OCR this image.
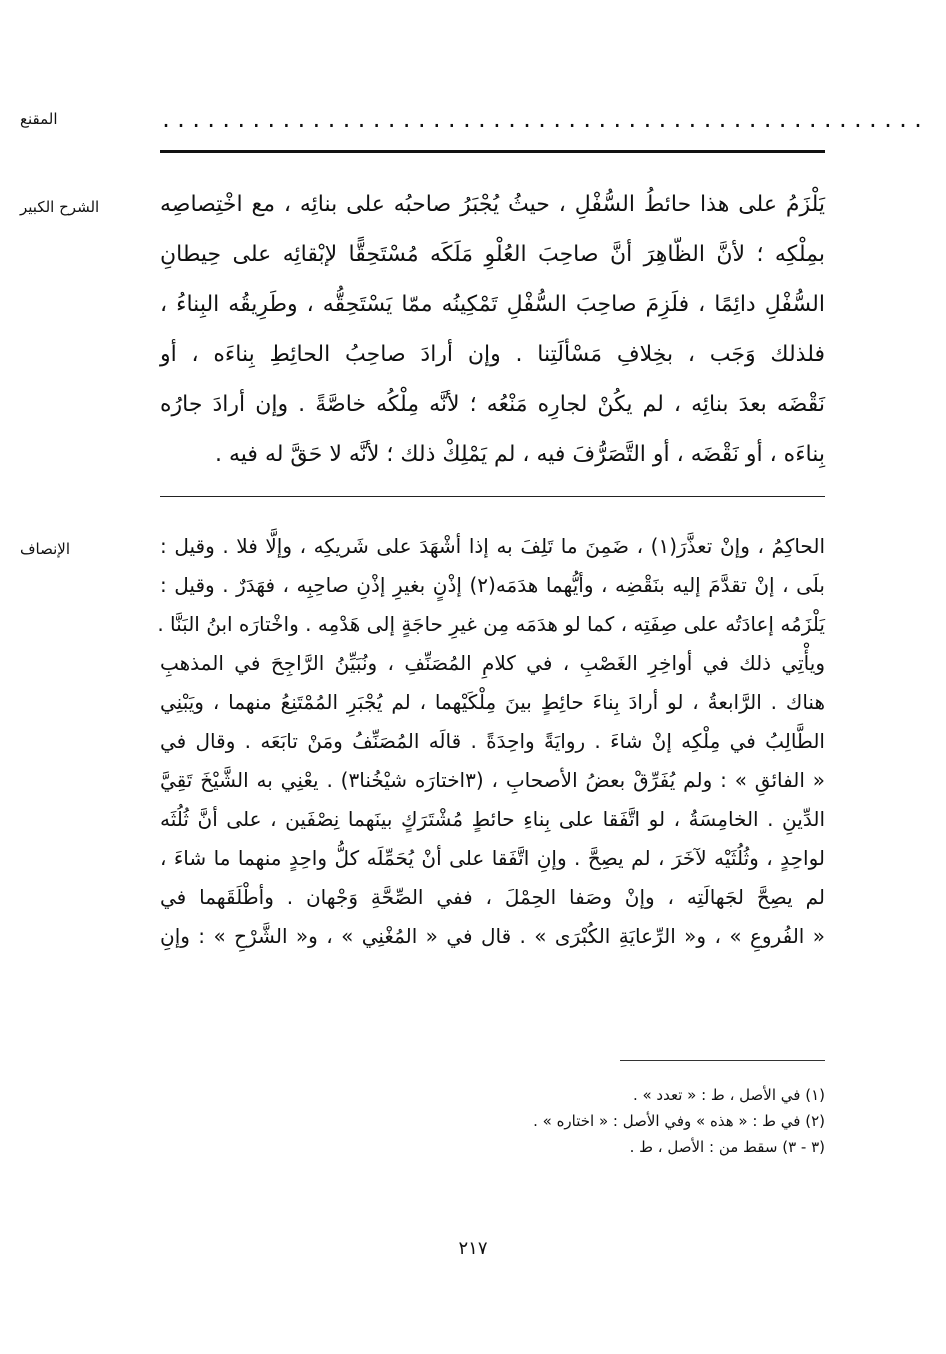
المقنع	...................................................
الشرح الكبير	يَلْزَمُ على هذا حائطُ السُّفْلِ ، حيثُ يُجْبَرُ صاحبُه على بنائِه ، مع اخْتِصاصِه
بمِلْكِه ؛ لأنَّ الظّاهِرَ أنَّ صاحِبَ العُلْوِ مَلَكَه مُسْتَحِقًّا لإبْقائِه على حِيطانِ
السُّفْلِ دائِمًا ، فلَزِمَ صاحِبَ السُّفْلِ تَمْكِينُه ممّا يَسْتَحِقُّه ، وطَرِيقُه البِناءُ ،
فلذلك وَجَب ، بخِلافِ مَسْألَتِنا . وإن أرادَ صاحِبُ الحائِطِ بِناءَه ، أو
نَقْضَه بعدَ بنائِه ، لم يكُنْ لجارِه مَنْعُه ؛ لأنَّه مِلْكُه خاصَّةً . وإن أرادَ جارُه
بِناءَه ، أو نَقْضَه ، أو التَّصَرُّفَ فيه ، لم يَمْلِكْ ذلك ؛ لأنَّه لا حَقَّ له فيه .
الإنصاف	الحاكِمُ ، وإنْ تعذَّرَ(١) ، ضَمِنَ ما تَلِفَ به إذا أشْهَدَ على شَريكِه ، وإلَّا فلا . وقيل :
بلَى ، إنْ تقدَّمَ إليه بنَقْضِه ، وأيُّهما هدَمَه(٢) إذْنٍ بغيرِ إذْنِ صاحِبِه ، فهَدَرٌ . وقيل :
يَلْزَمُه إعادَتُه على صِفَتِه ، كما لو هدَمَه مِن غيرِ حاجَةٍ إلى هَدْمِه . واخْتارَه ابنُ البَنَّا .
ويأْتِي ذلك في أواخِرِ الغَصْبِ ، في كلامِ المُصَنِّفِ ، ونُبَيِّنُ الرَّاجِحَ في المذهبِ
هناك . الرَّابعةُ ، لو أرادَ بِناءَ حائِطٍ بينَ مِلْكَيْهما ، لم يُجْبَرِ المُمْتَنِعُ منهما ، ويَبْنِي
الطَّالِبُ في مِلْكِه إنْ شاءَ . روايَةً واحِدَةً . قالَه المُصَنِّفُ ومَنْ تابَعَه . وقال في
« الفائقِ » : ولم يُفَرِّقْ بعضُ الأصحابِ ، (٣اختارَه شيْخُنا٣) . يعْنِي به الشَّيْخَ تَقِيَّ
الدِّينِ . الخامِسَةُ ، لو اتَّفَقا على بِناءِ حائطٍ مُشْتَرَكٍ بينَهما نِصْفَين ، على أنَّ ثُلُثَه
لواحِدٍ ، وثُلُثَيْه لآخَرَ ، لم يصِحَّ . وإنِ اتَّفَقا على أنْ يُحَمِّلَه كلُّ واحِدٍ منهما ما شاءَ ،
لم يصِحَّ لجَهالَتِه ، وإنْ وصَفا الحِمْلَ ، ففي الصِّحَّةِ وَجْهان . وأطْلَقَهما في
« الفُروعِ » ، و« الرِّعايَةِ الكُبْرَى » . قال في « المُغْنِي » ، و« الشَّرْحِ » : وإنِ
(١) في الأصل ، ط : « تعدد » .
(٢) في ط : « هذه » وفي الأصل : « اختاره » .
(٣ - ٣) سقط من : الأصل ، ط .
٢١٧
